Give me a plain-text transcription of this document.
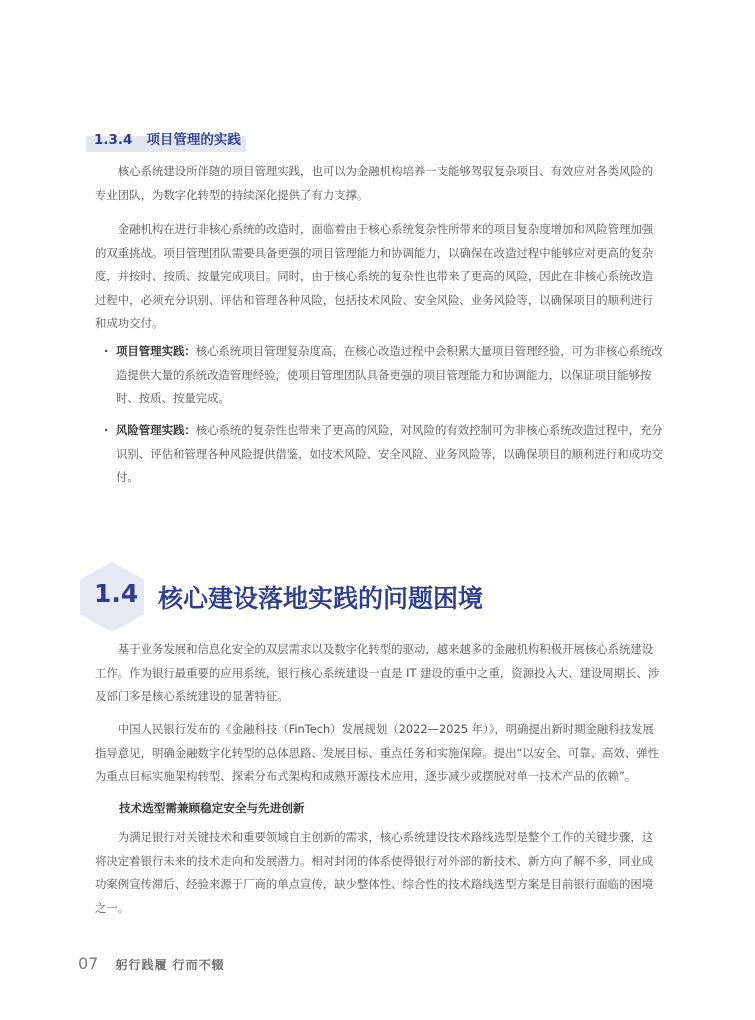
1.3.4 项目管理的实践

核心系统建设所伴随的项目管理实践，也可以为金融机构培养一支能够驾驭复杂项目、有效应对各类风险的专业团队，为数字化转型的持续深化提供了有力支撑。

金融机构在进行非核心系统的改造时，面临着由于核心系统复杂性所带来的项目复杂度增加和风险管理加强的双重挑战。项目管理团队需要具备更强的项目管理能力和协调能力，以确保在改造过程中能够应对更高的复杂度，并按时、按质、按量完成项目。同时，由于核心系统的复杂性也带来了更高的风险，因此在非核心系统改造过程中，必须充分识别、评估和管理各种风险，包括技术风险、安全风险、业务风险等，以确保项目的顺利进行和成功交付。

· 项目管理实践：核心系统项目管理复杂度高，在核心改造过程中会积累大量项目管理经验，可为非核心系统改造提供大量的系统改造管理经验，使项目管理团队具备更强的项目管理能力和协调能力，以保证项目能够按时、按质、按量完成。
· 风险管理实践：核心系统的复杂性也带来了更高的风险，对风险的有效控制可为非核心系统改造过程中，充分识别、评估和管理各种风险提供借鉴，如技术风险、安全风险、业务风险等，以确保项目的顺利进行和成功交付。
1.4 核心建设落地实践的问题困境

基于业务发展和信息化安全的双层需求以及数字化转型的驱动，越来越多的金融机构积极开展核心系统建设工作。作为银行最重要的应用系统，银行核心系统建设一直是 IT 建设的重中之重，资源投入大、建设周期长、涉及部门多是核心系统建设的显著特征。

中国人民银行发布的《金融科技（FinTech）发展规划（2022—2025 年）》，明确提出新时期金融科技发展指导意见，明确金融数字化转型的总体思路、发展目标、重点任务和实施保障。提出“以安全、可靠、高效、弹性为重点目标实施架构转型、探索分布式架构和成熟开源技术应用，逐步减少或摆脱对单一技术产品的依赖”。

技术选型需兼顾稳定安全与先进创新

为满足银行对关键技术和重要领域自主创新的需求，核心系统建设技术路线选型是整个工作的关键步骤，这将决定着银行未来的技术走向和发展潜力。相对封闭的体系使得银行对外部的新技术、新方向了解不多，同业成功案例宣传滞后、经验来源于厂商的单点宣传，缺少整体性、综合性的技术路线选型方案是目前银行面临的困境之一。

07 躬行践履 行而不辍
